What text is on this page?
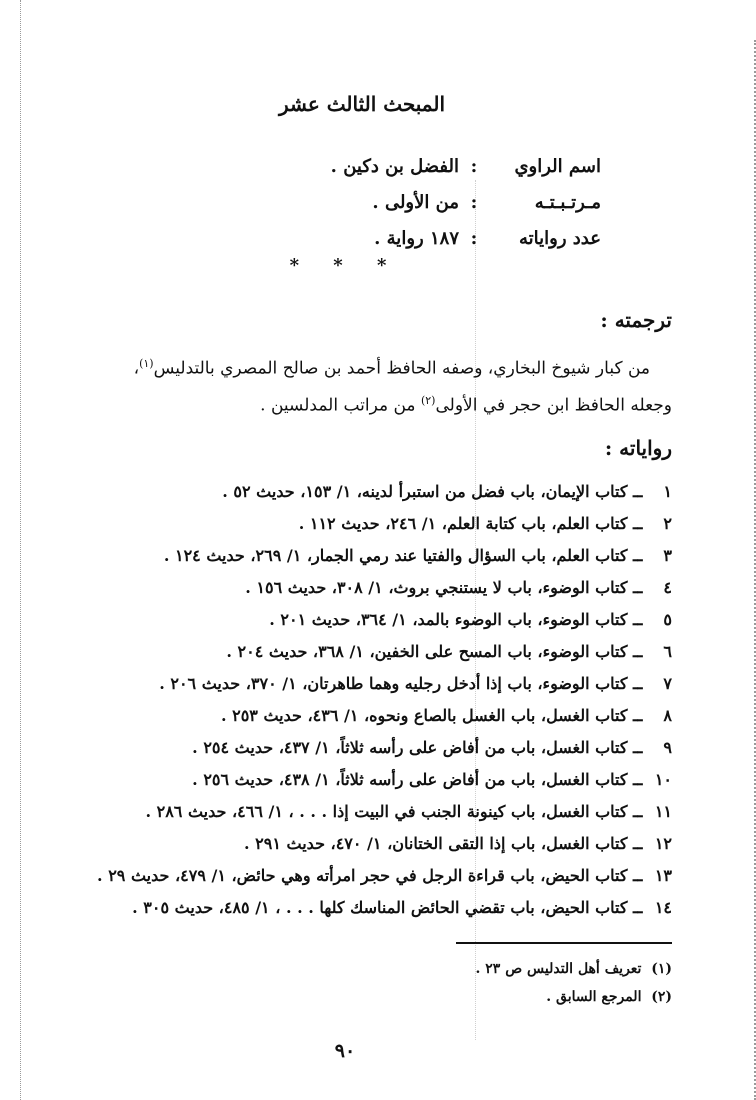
المبحث الثالث عشر
اسم الراوي
:
الفضل بن دكين .
مـرتـبـتـه
:
من الأولى .
عدد رواياته
:
١٨٧ رواية .
* * *
ترجمته :

من كبار شيوخ البخاري، وصفه الحافظ أحمد بن صالح المصري بالتدليس$^{(١)}$،
وجعله الحافظ ابن حجر في الأولى$^{(٢)}$ من مراتب المدلسين .

رواياته :
١ ــ كتاب الإيمان، باب فضل من استبرأ لدينه، ١/ ١٥٣، حديث ٥٢ .
٢ ــ كتاب العلم، باب كتابة العلم، ١/ ٢٤٦، حديث ١١٢ .
٣ ــ كتاب العلم، باب السؤال والفتيا عند رمي الجمار، ١/ ٢٦٩، حديث ١٢٤ .
٤ ــ كتاب الوضوء، باب لا يستنجي بروث، ١/ ٣٠٨، حديث ١٥٦ .
٥ ــ كتاب الوضوء، باب الوضوء بالمد، ١/ ٣٦٤، حديث ٢٠١ .
٦ ــ كتاب الوضوء، باب المسح على الخفين، ١/ ٣٦٨، حديث ٢٠٤ .
٧ ــ كتاب الوضوء، باب إذا أدخل رجليه وهما طاهرتان، ١/ ٣٧٠، حديث ٢٠٦ .
٨ ــ كتاب الغسل، باب الغسل بالصاع ونحوه، ١/ ٤٣٦، حديث ٢٥٣ .
٩ ــ كتاب الغسل، باب من أفاض على رأسه ثلاثاً، ١/ ٤٣٧، حديث ٢٥٤ .
١٠ ــ كتاب الغسل، باب من أفاض على رأسه ثلاثاً، ١/ ٤٣٨، حديث ٢٥٦ .
١١ ــ كتاب الغسل، باب كينونة الجنب في البيت إذا . . . ، ١/ ٤٦٦، حديث ٢٨٦ .
١٢ ــ كتاب الغسل، باب إذا التقى الختانان، ١/ ٤٧٠، حديث ٢٩١ .
١٣ ــ كتاب الحيض، باب قراءة الرجل في حجر امرأته وهي حائض، ١/ ٤٧٩، حديث ٢٩ .
١٤ ــ كتاب الحيض، باب تقضي الحائض المناسك كلها . . . ، ١/ ٤٨٥، حديث ٣٠٥ .
(١)  تعريف أهل التدليس ص ٢٣ .
(٢)  المرجع السابق .
٩٠
